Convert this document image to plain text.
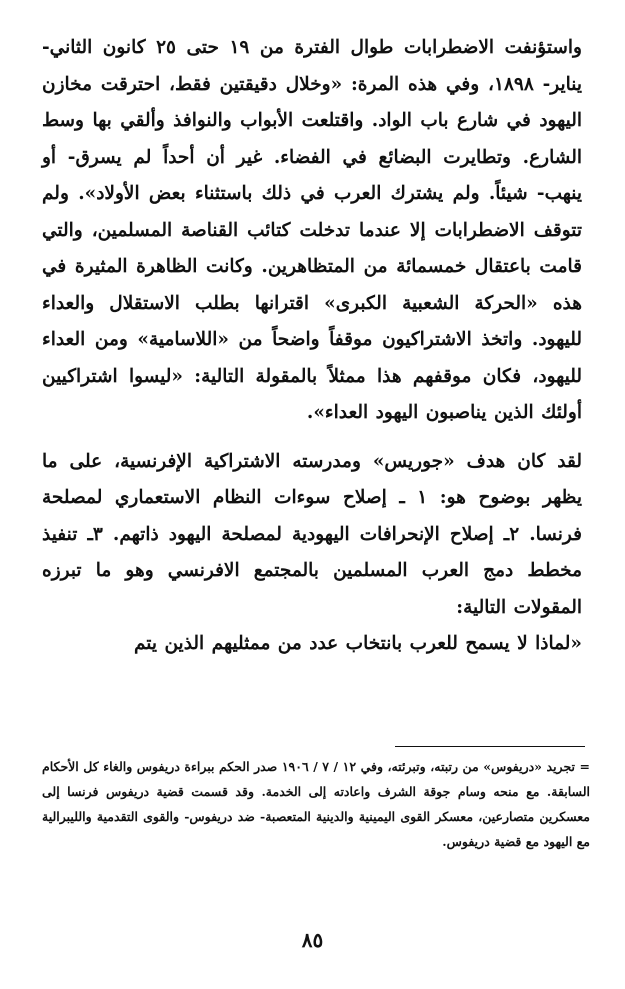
واستؤنفت الاضطرابات طوال الفترة من ١٩ حتى ٢٥ كانون الثاني- يناير- ١٨٩٨، وفي هذه المرة: «وخلال دقيقتين فقط، احترقت مخازن اليهود في شارع باب الواد. واقتلعت الأبواب والنوافذ وألقي بها وسط الشارع. وتطايرت البضائع في الفضاء. غير أن أحداً لم يسرق- أو ينهب- شيئاً. ولم يشترك العرب في ذلك باستثناء بعض الأولاد». ولم تتوقف الاضطرابات إلا عندما تدخلت كتائب القناصة المسلمين، والتي قامت باعتقال خمسمائة من المتظاهرين. وكانت الظاهرة المثيرة في هذه «الحركة الشعبية الكبرى» اقترانها بطلب الاستقلال والعداء لليهود. واتخذ الاشتراكيون موقفاً واضحاً من «اللاسامية» ومن العداء لليهود، فكان موقفهم هذا ممثلاً بالمقولة التالية: «ليسوا اشتراكيين أولئك الذين يناصبون اليهود العداء».

لقد كان هدف «جوريس» ومدرسته الاشتراكية الإفرنسية، على ما يظهر بوضوح هو: ١ ـ إصلاح سوءات النظام الاستعماري لمصلحة فرنسا. ٢ـ إصلاح الإنحرافات اليهودية لمصلحة اليهود ذاتهم. ٣ـ تنفيذ مخطط دمج العرب المسلمين بالمجتمع الافرنسي وهو ما تبرزه المقولات التالية:

«لماذا لا يسمح للعرب بانتخاب عدد من ممثليهم الذين يتم

= تجريد «دريفوس» من رتبته، وتبرئته، وفي ١٢ / ٧ / ١٩٠٦ صدر الحكم ببراءة دريفوس والغاء كل الأحكام السابقة. مع منحه وسام جوقة الشرف واعادته إلى الخدمة. وقد قسمت قضية دريفوس فرنسا إلى معسكرين متصارعين، معسكر القوى اليمينية والدينية المتعصبة- ضد دريفوس- والقوى التقدمية والليبرالية مع اليهود مع قضية دريفوس.

٨٥
